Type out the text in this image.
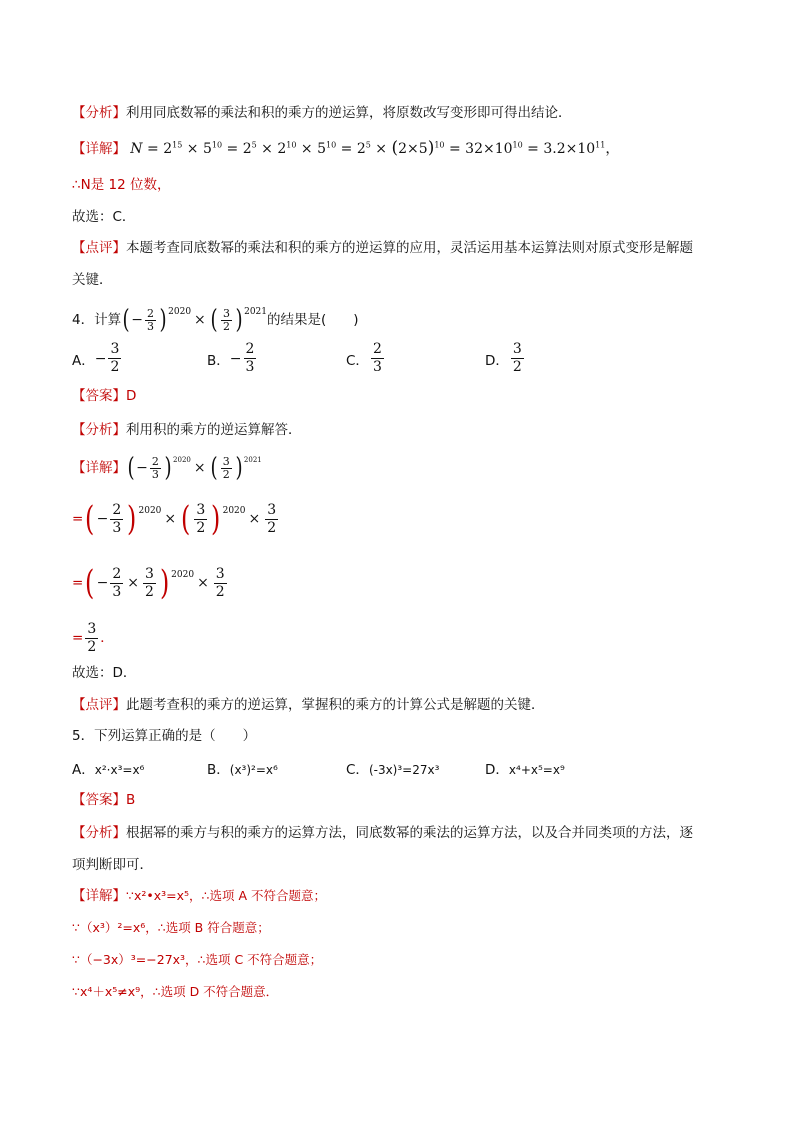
【分析】利用同底数幂的乘法和积的乘方的逆运算，将原数改写变形即可得出结论．
【详解】 $N = 2^{15} \times 5^{10} = 2^5 \times 2^{10} \times 5^{10} = 2^5 \times (2\times 5)^{10} = 32\times 10^{10} = 3.2\times 10^{11}$，
∴N是 12 位数，
故选：C．
【点评】本题考查同底数幂的乘法和积的乘方的逆运算的应用，灵活运用基本运算法则对原式变形是解题
关键．
4．计算 ( − $\frac{2}{3}$ ) 2020 × ( $\frac{3}{2}$ ) 2021 的结果是(　　)
A． − $\frac{3}{2}$	B． − $\frac{2}{3}$	C． $\frac{2}{3}$	D． $\frac{3}{2}$
【答案】D
【分析】利用积的乘方的逆运算解答．
【详解】 ( − $\frac{2}{3}$ ) 2020 × ( $\frac{3}{2}$ ) 2021
= ( − $\frac{2}{3}$ ) 2020 × ( $\frac{3}{2}$ ) $2020 \times \frac{3}{2}$
= ( − $\frac{2}{3} \times \frac{3}{2}$ ) $2020 \times \frac{3}{2}$
= $\frac{3}{2}$ ．
故选：D．
【点评】此题考查积的乘方的逆运算，掌握积的乘方的计算公式是解题的关键．
5．下列运算正确的是（　　）
A．x²·x³=x⁶	B．(x³)²=x⁶	C．(-3x)³=27x³	D．x⁴+x⁵=x⁹
【答案】B
【分析】根据幂的乘方与积的乘方的运算方法，同底数幂的乘法的运算方法，以及合并同类项的方法，逐
项判断即可．
【详解】∵x²•x³=x⁵，∴选项 A 不符合题意；
∵（x³）²=x⁶，∴选项 B 符合题意；
∵（−3x）³=−27x³，∴选项 C 不符合题意；
∵x⁴＋x⁵≠x⁹，∴选项 D 不符合题意．
